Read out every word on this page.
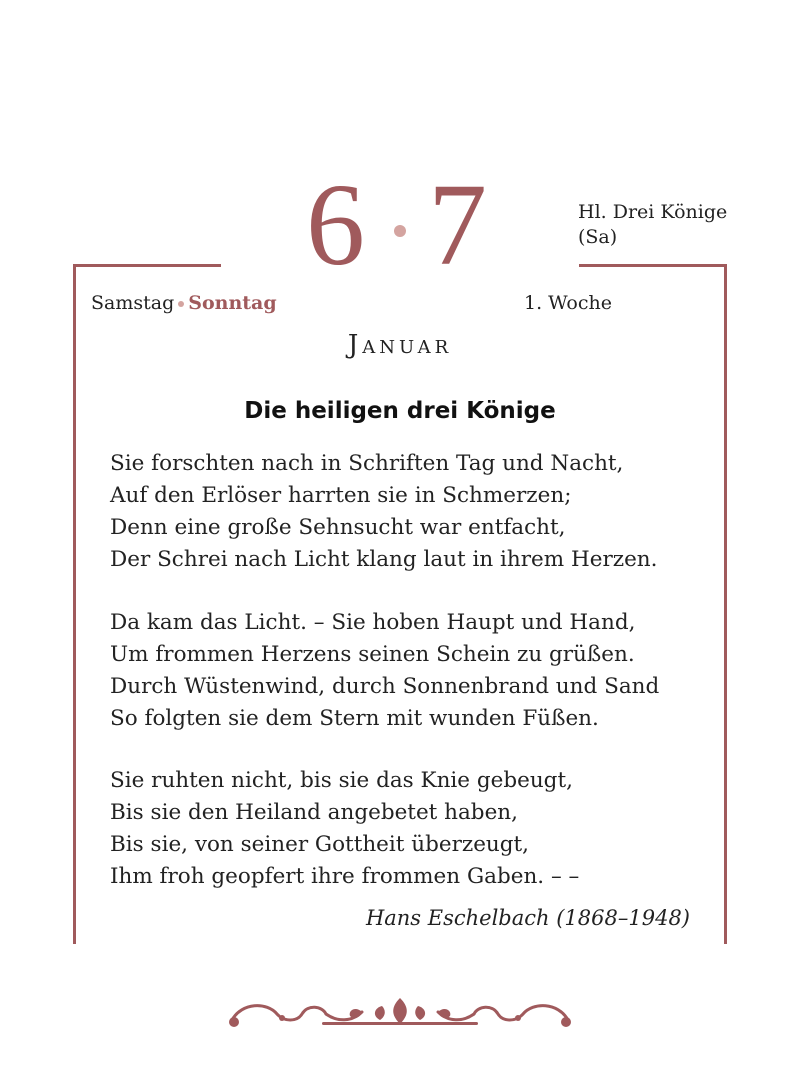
6 7	Hl. Drei Könige
(Sa)
Samstag Sonntag	1. Woche
Januar
Die heiligen drei Könige
Sie forschten nach in Schriften Tag und Nacht,
Auf den Erlöser harrten sie in Schmerzen;
Denn eine große Sehnsucht war entfacht,
Der Schrei nach Licht klang laut in ihrem Herzen.
Da kam das Licht. – Sie hoben Haupt und Hand,
Um frommen Herzens seinen Schein zu grüßen.
Durch Wüstenwind, durch Sonnenbrand und Sand
So folgten sie dem Stern mit wunden Füßen.
Sie ruhten nicht, bis sie das Knie gebeugt,
Bis sie den Heiland angebetet haben,
Bis sie, von seiner Gottheit überzeugt,
Ihm froh geopfert ihre frommen Gaben. – –
Hans Eschelbach (1868–1948)
